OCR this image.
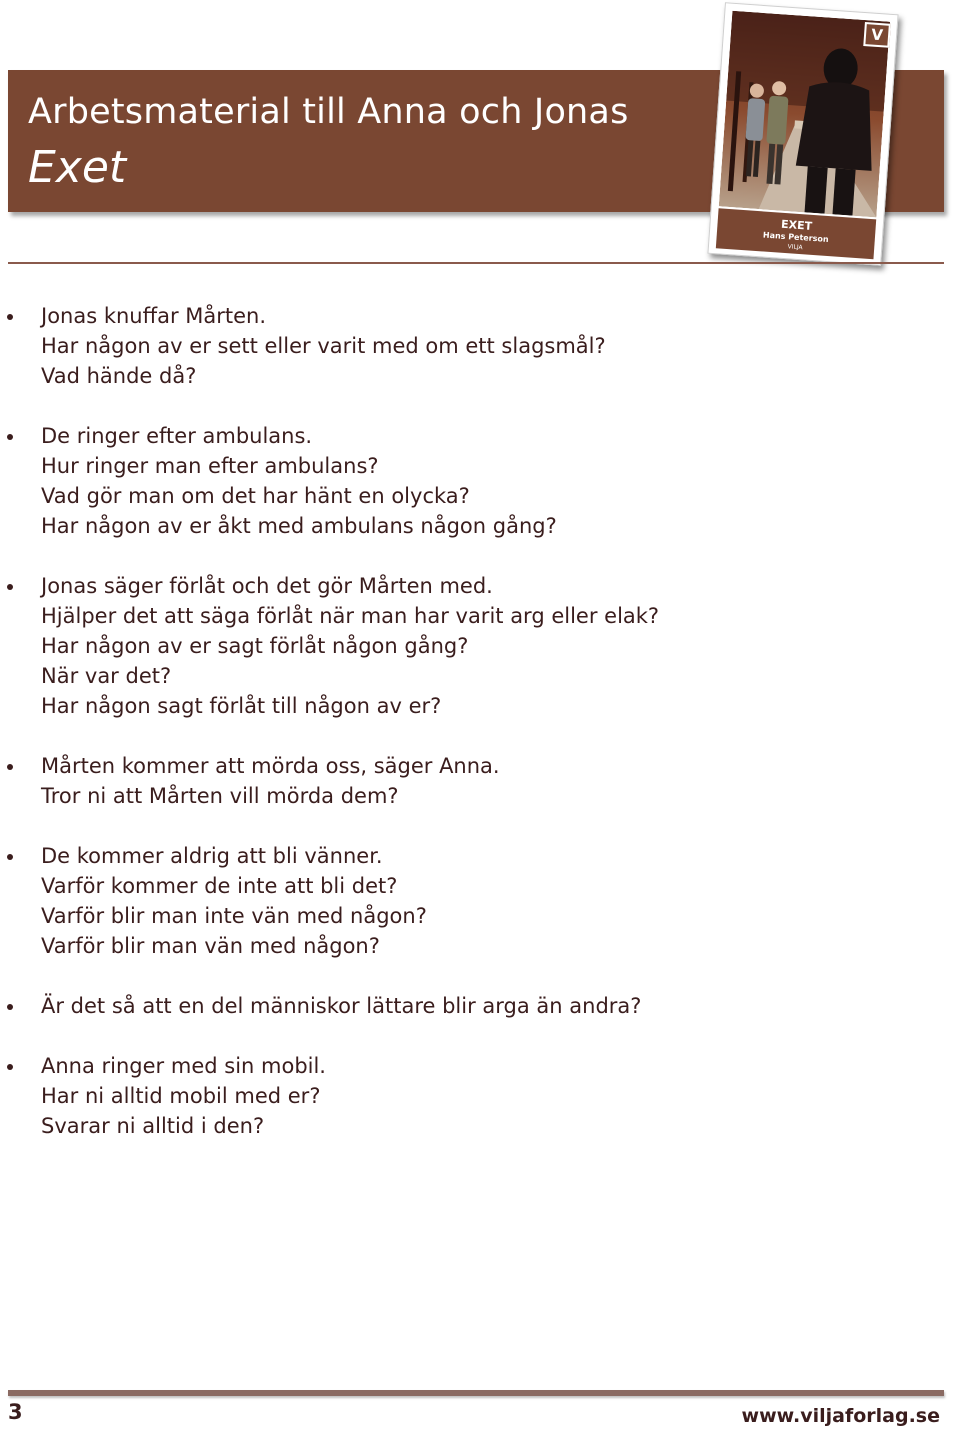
Arbetsmaterial till Anna och Jonas
Exet
V
EXET
Hans Peterson
VILJA
Jonas knuffar Mårten.
Har någon av er sett eller varit med om ett slagsmål?
Vad hände då?
De ringer efter ambulans.
Hur ringer man efter ambulans?
Vad gör man om det har hänt en olycka?
Har någon av er åkt med ambulans någon gång?
Jonas säger förlåt och det gör Mårten med.
Hjälper det att säga förlåt när man har varit arg eller elak?
Har någon av er sagt förlåt någon gång?
När var det?
Har någon sagt förlåt till någon av er?
Mårten kommer att mörda oss, säger Anna.
Tror ni att Mårten vill mörda dem?
De kommer aldrig att bli vänner.
Varför kommer de inte att bli det?
Varför blir man inte vän med någon?
Varför blir man vän med någon?
Är det så att en del människor lättare blir arga än andra?
Anna ringer med sin mobil.
Har ni alltid mobil med er?
Svarar ni alltid i den?
3	www.viljaforlag.se
